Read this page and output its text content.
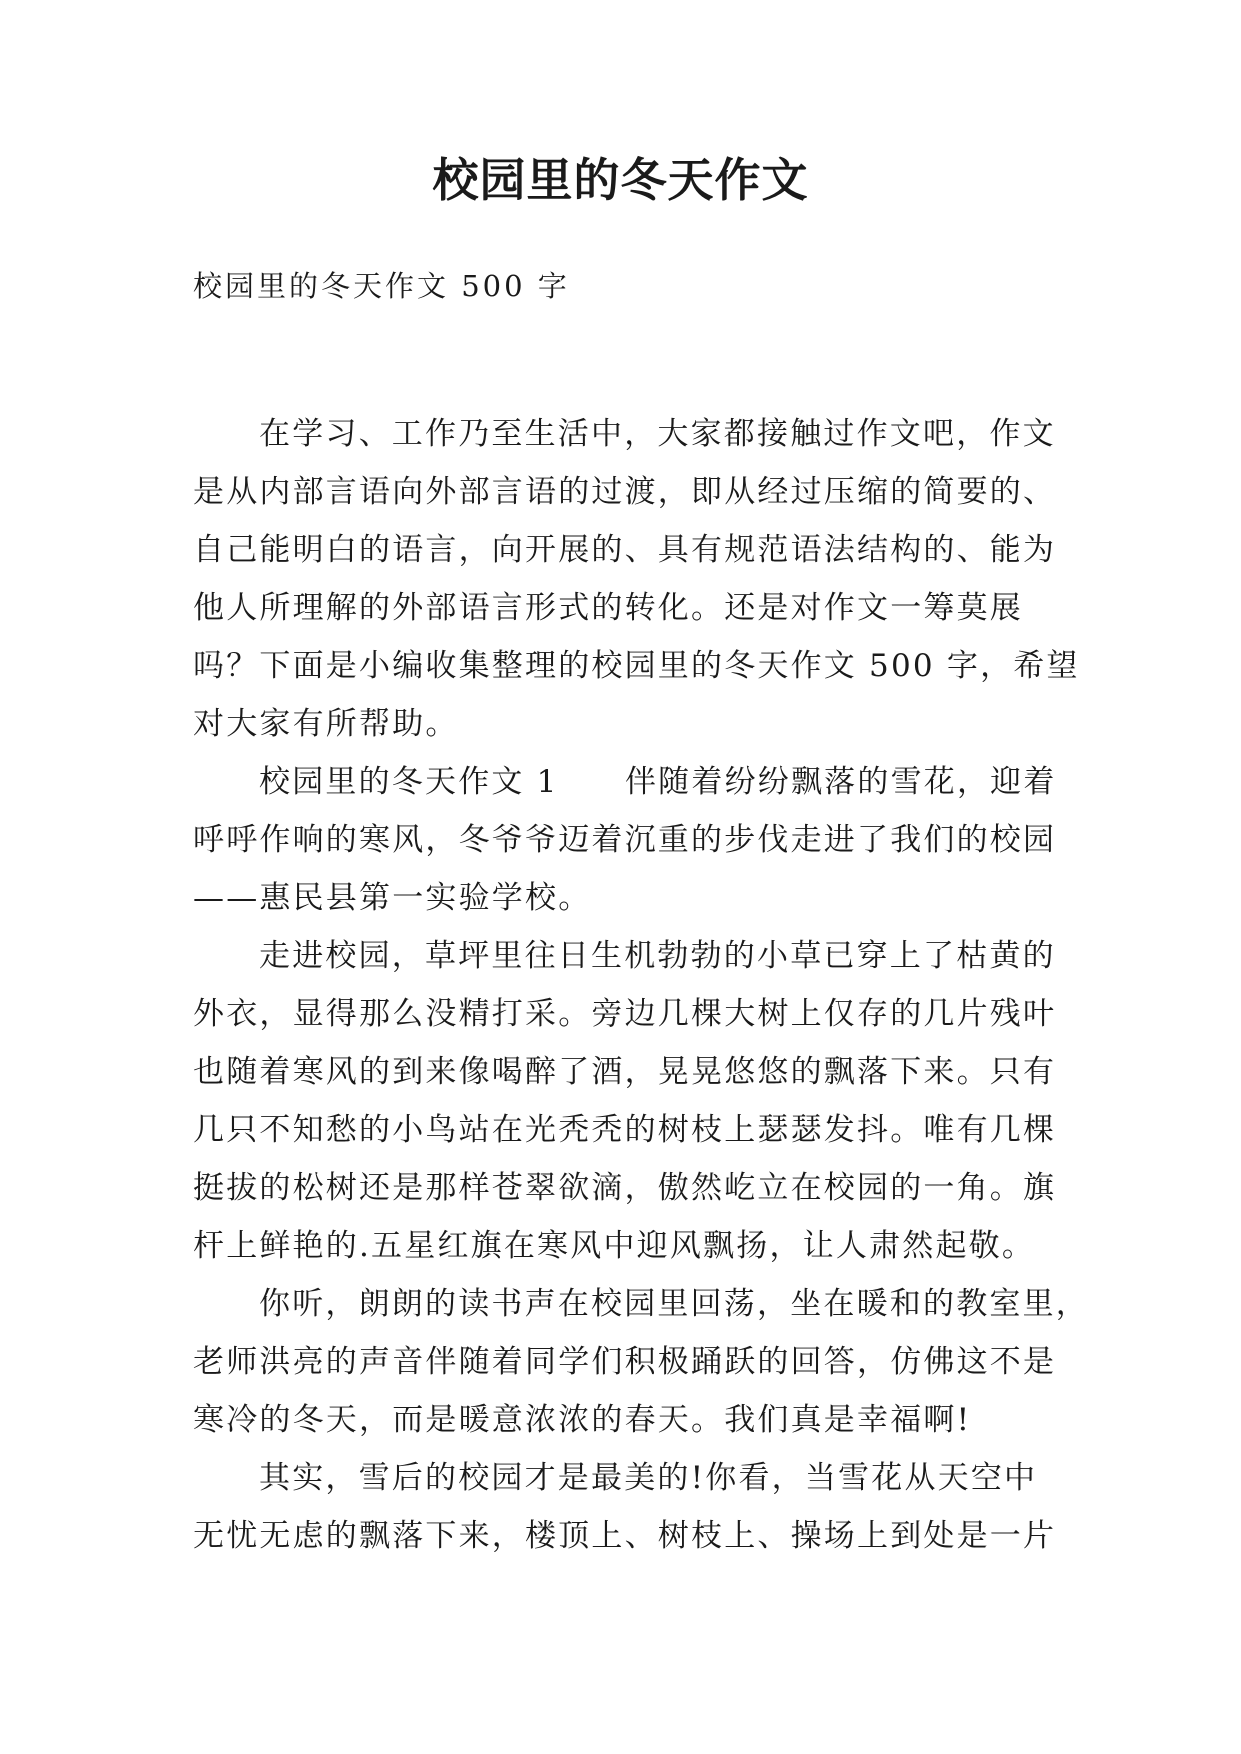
校园里的冬天作文
校园里的冬天作文 500 字
在学习、工作乃至生活中，大家都接触过作文吧，作文
是从内部言语向外部言语的过渡，即从经过压缩的简要的、
自己能明白的语言，向开展的、具有规范语法结构的、能为
他人所理解的外部语言形式的转化。还是对作文一筹莫展
吗？下面是小编收集整理的校园里的冬天作文 500 字，希望
对大家有所帮助。
校园里的冬天作文 1　　伴随着纷纷飘落的雪花，迎着
呼呼作响的寒风，冬爷爷迈着沉重的步伐走进了我们的校园
——惠民县第一实验学校。
走进校园，草坪里往日生机勃勃的小草已穿上了枯黄的
外衣，显得那么没精打采。旁边几棵大树上仅存的几片残叶
也随着寒风的到来像喝醉了酒，晃晃悠悠的飘落下来。只有
几只不知愁的小鸟站在光秃秃的树枝上瑟瑟发抖。唯有几棵
挺拔的松树还是那样苍翠欲滴，傲然屹立在校园的一角。旗
杆上鲜艳的.五星红旗在寒风中迎风飘扬，让人肃然起敬。
你听，朗朗的读书声在校园里回荡，坐在暖和的教室里，
老师洪亮的声音伴随着同学们积极踊跃的回答，仿佛这不是
寒冷的冬天，而是暖意浓浓的春天。我们真是幸福啊!
其实，雪后的校园才是最美的!你看，当雪花从天空中
无忧无虑的飘落下来，楼顶上、树枝上、操场上到处是一片
